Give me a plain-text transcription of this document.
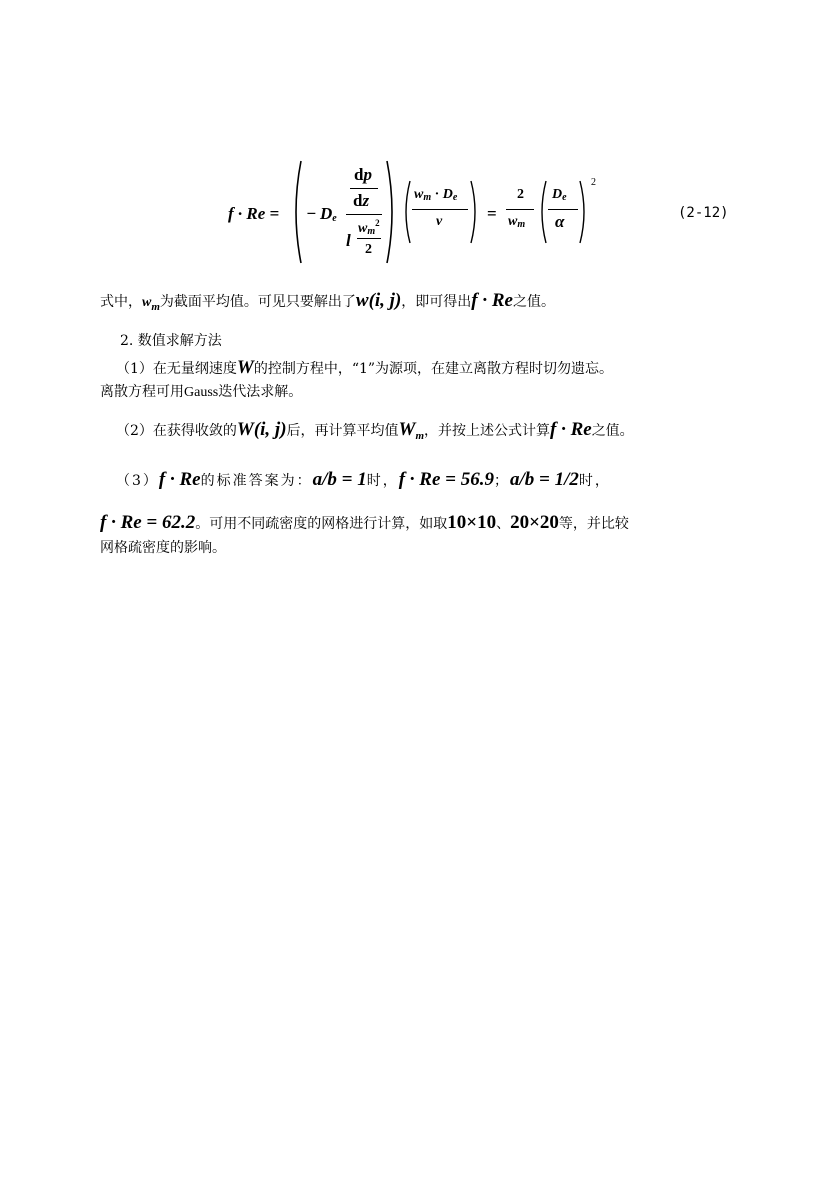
f · Re = − De
dp
dz
l
$wm^2$
2
wm · De
v	=
2
wm
De
α
2
(2-12)
式中，$w_m$为截面平均值。可见只要解出了w(i, j)，即可得出f · Re之值。
2. 数值求解方法
（1）在无量纲速度W的控制方程中，“1”为源项，在建立离散方程时切勿遗忘。
离散方程可用Gauss迭代法求解。
（2）在获得收敛的W(i, j)后，再计算平均值$W_m$，并按上述公式计算f · Re之值。
（3）f · Re的标准答案为：a/b = 1时，f · Re = 56.9；a/b = 1/2时，
f · Re = 62.2。可用不同疏密度的网格进行计算，如取10×10、20×20等，并比较
网格疏密度的影响。
